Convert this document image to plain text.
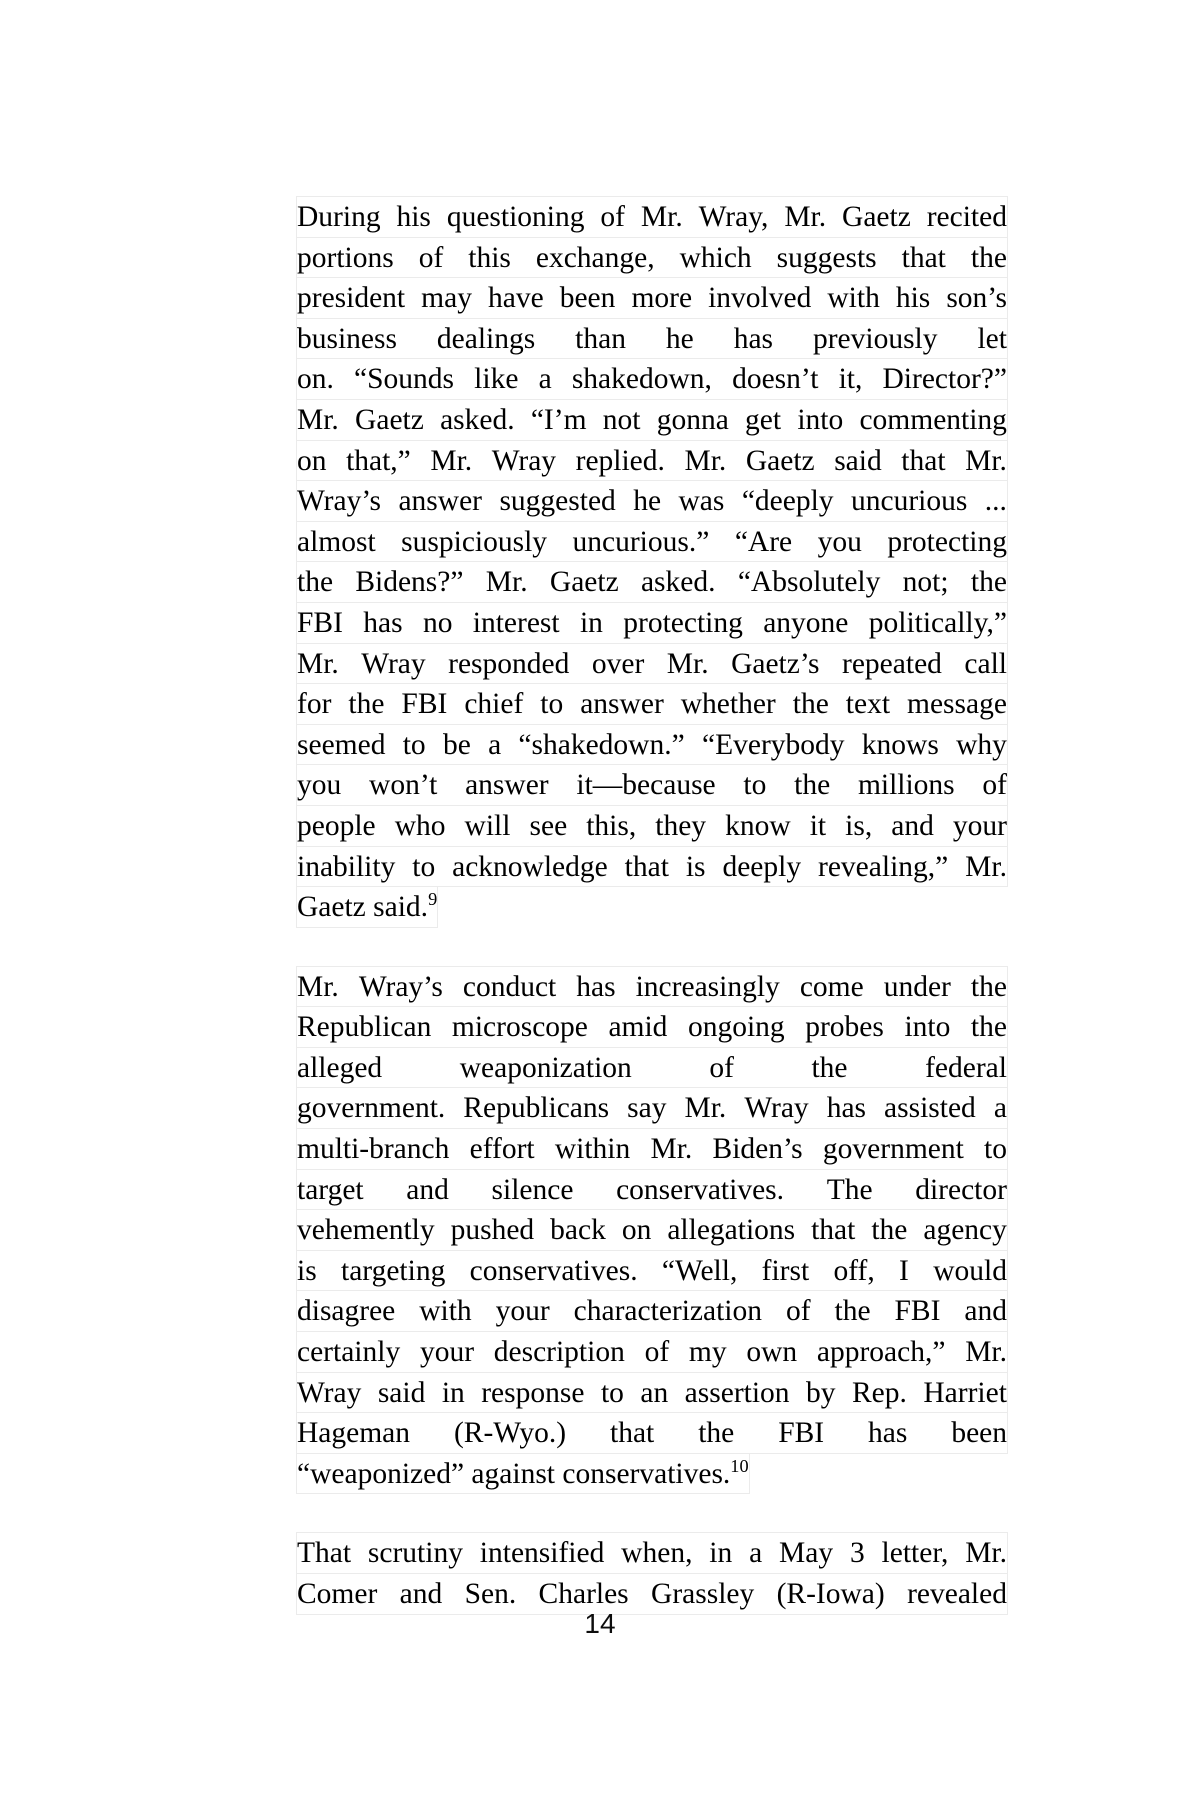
During his questioning of Mr. Wray, Mr. Gaetz recited
portions of this exchange, which suggests that the
president may have been more involved with his son’s
business dealings than he has previously let
on. “Sounds like a shakedown, doesn’t it, Director?”
Mr. Gaetz asked. “I’m not gonna get into commenting
on that,” Mr. Wray replied. Mr. Gaetz said that Mr.
Wray’s answer suggested he was “deeply uncurious ...
almost suspiciously uncurious.” “Are you protecting
the Bidens?” Mr. Gaetz asked. “Absolutely not; the
FBI has no interest in protecting anyone politically,”
Mr. Wray responded over Mr. Gaetz’s repeated call
for the FBI chief to answer whether the text message
seemed to be a “shakedown.” “Everybody knows why
you won’t answer it—because to the millions of
people who will see this, they know it is, and your
inability to acknowledge that is deeply revealing,” Mr.
Gaetz said.$^9$
Mr. Wray’s conduct has increasingly come under the
Republican microscope amid ongoing probes into the
alleged	weaponization	of	the	federal
government. Republicans say Mr. Wray has assisted a
multi-branch effort within Mr. Biden’s government to
target and silence conservatives. The director
vehemently pushed back on allegations that the agency
is targeting conservatives. “Well, first off, I would
disagree with your characterization of the FBI and
certainly your description of my own approach,” Mr.
Wray said in response to an assertion by Rep. Harriet
Hageman (R-Wyo.) that the FBI has been
“weaponized” against conservatives.$^{10}$
That scrutiny intensified when, in a May 3 letter, Mr.
Comer and Sen. Charles Grassley (R-Iowa) revealed
14
